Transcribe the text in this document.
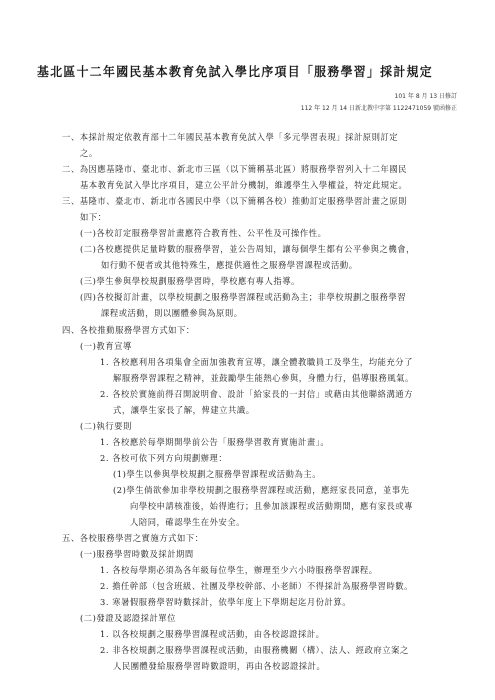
基北區十二年國民基本教育免試入學比序項目「服務學習」採計規定
101 年 8 月 13 日修訂
112 年 12 月 14 日新北教中字第 1122471059 號函修正
一、本採計規定依教育部十二年國民基本教育免試入學「多元學習表現」採計原則訂定
之。
二、為因應基隆市、臺北市、新北市三區（以下簡稱基北區）將服務學習列入十二年國民
基本教育免試入學比序項目，建立公平計分機制，維護學生入學權益，特定此規定。
三、基隆市、臺北市、新北市各國民中學（以下簡稱各校）推動訂定服務學習計畫之原則
如下：
(一)各校訂定服務學習計畫應符合教育性、公平性及可操作性。
(二)各校應提供足量時數的服務學習，並公告周知，讓每個學生都有公平參與之機會，
如行動不便者或其他特殊生，應提供適性之服務學習課程或活動。
(三)學生參與學校規劃服務學習時，學校應有專人指導。
(四)各校擬訂計畫，以學校規劃之服務學習課程或活動為主；非學校規劃之服務學習
課程或活動，則以團體參與為原則。
四、各校推動服務學習方式如下：
(一)教育宣導
1. 各校應利用各項集會全面加強教育宣導，讓全體教職員工及學生，均能充分了
解服務學習課程之精神，並鼓勵學生能熱心參與，身體力行，倡導服務風氣。
2. 各校於實施前得召開說明會、設計「給家長的一封信」或藉由其他聯絡溝通方
式，讓學生家長了解，俾建立共識。
(二)執行要則
1. 各校應於每學期開學前公告「服務學習教育實施計畫」。
2. 各校可依下列方向規劃辦理：
(1)學生以參與學校規劃之服務學習課程或活動為主。
(2)學生倘欲參加非學校規劃之服務學習課程或活動，應經家長同意，並事先
向學校申請核准後，始得進行；且參加該課程或活動期間，應有家長或專
人陪同，確認學生在外安全。
五、各校服務學習之實施方式如下：
(一)服務學習時數及採計期間
1. 各校每學期必須為各年級每位學生，辦理至少六小時服務學習課程。
2. 擔任幹部（包含班級、社團及學校幹部、小老師）不得採計為服務學習時數。
3. 寒暑假服務學習時數採計，依學年度上下學期起迄月份計算。
(二)發證及認證採計單位
1. 以各校規劃之服務學習課程或活動，由各校認證採計。
2. 非各校規劃之服務學習課程或活動，由服務機關（構）、法人、經政府立案之
人民團體發給服務學習時數證明，再由各校認證採計。
